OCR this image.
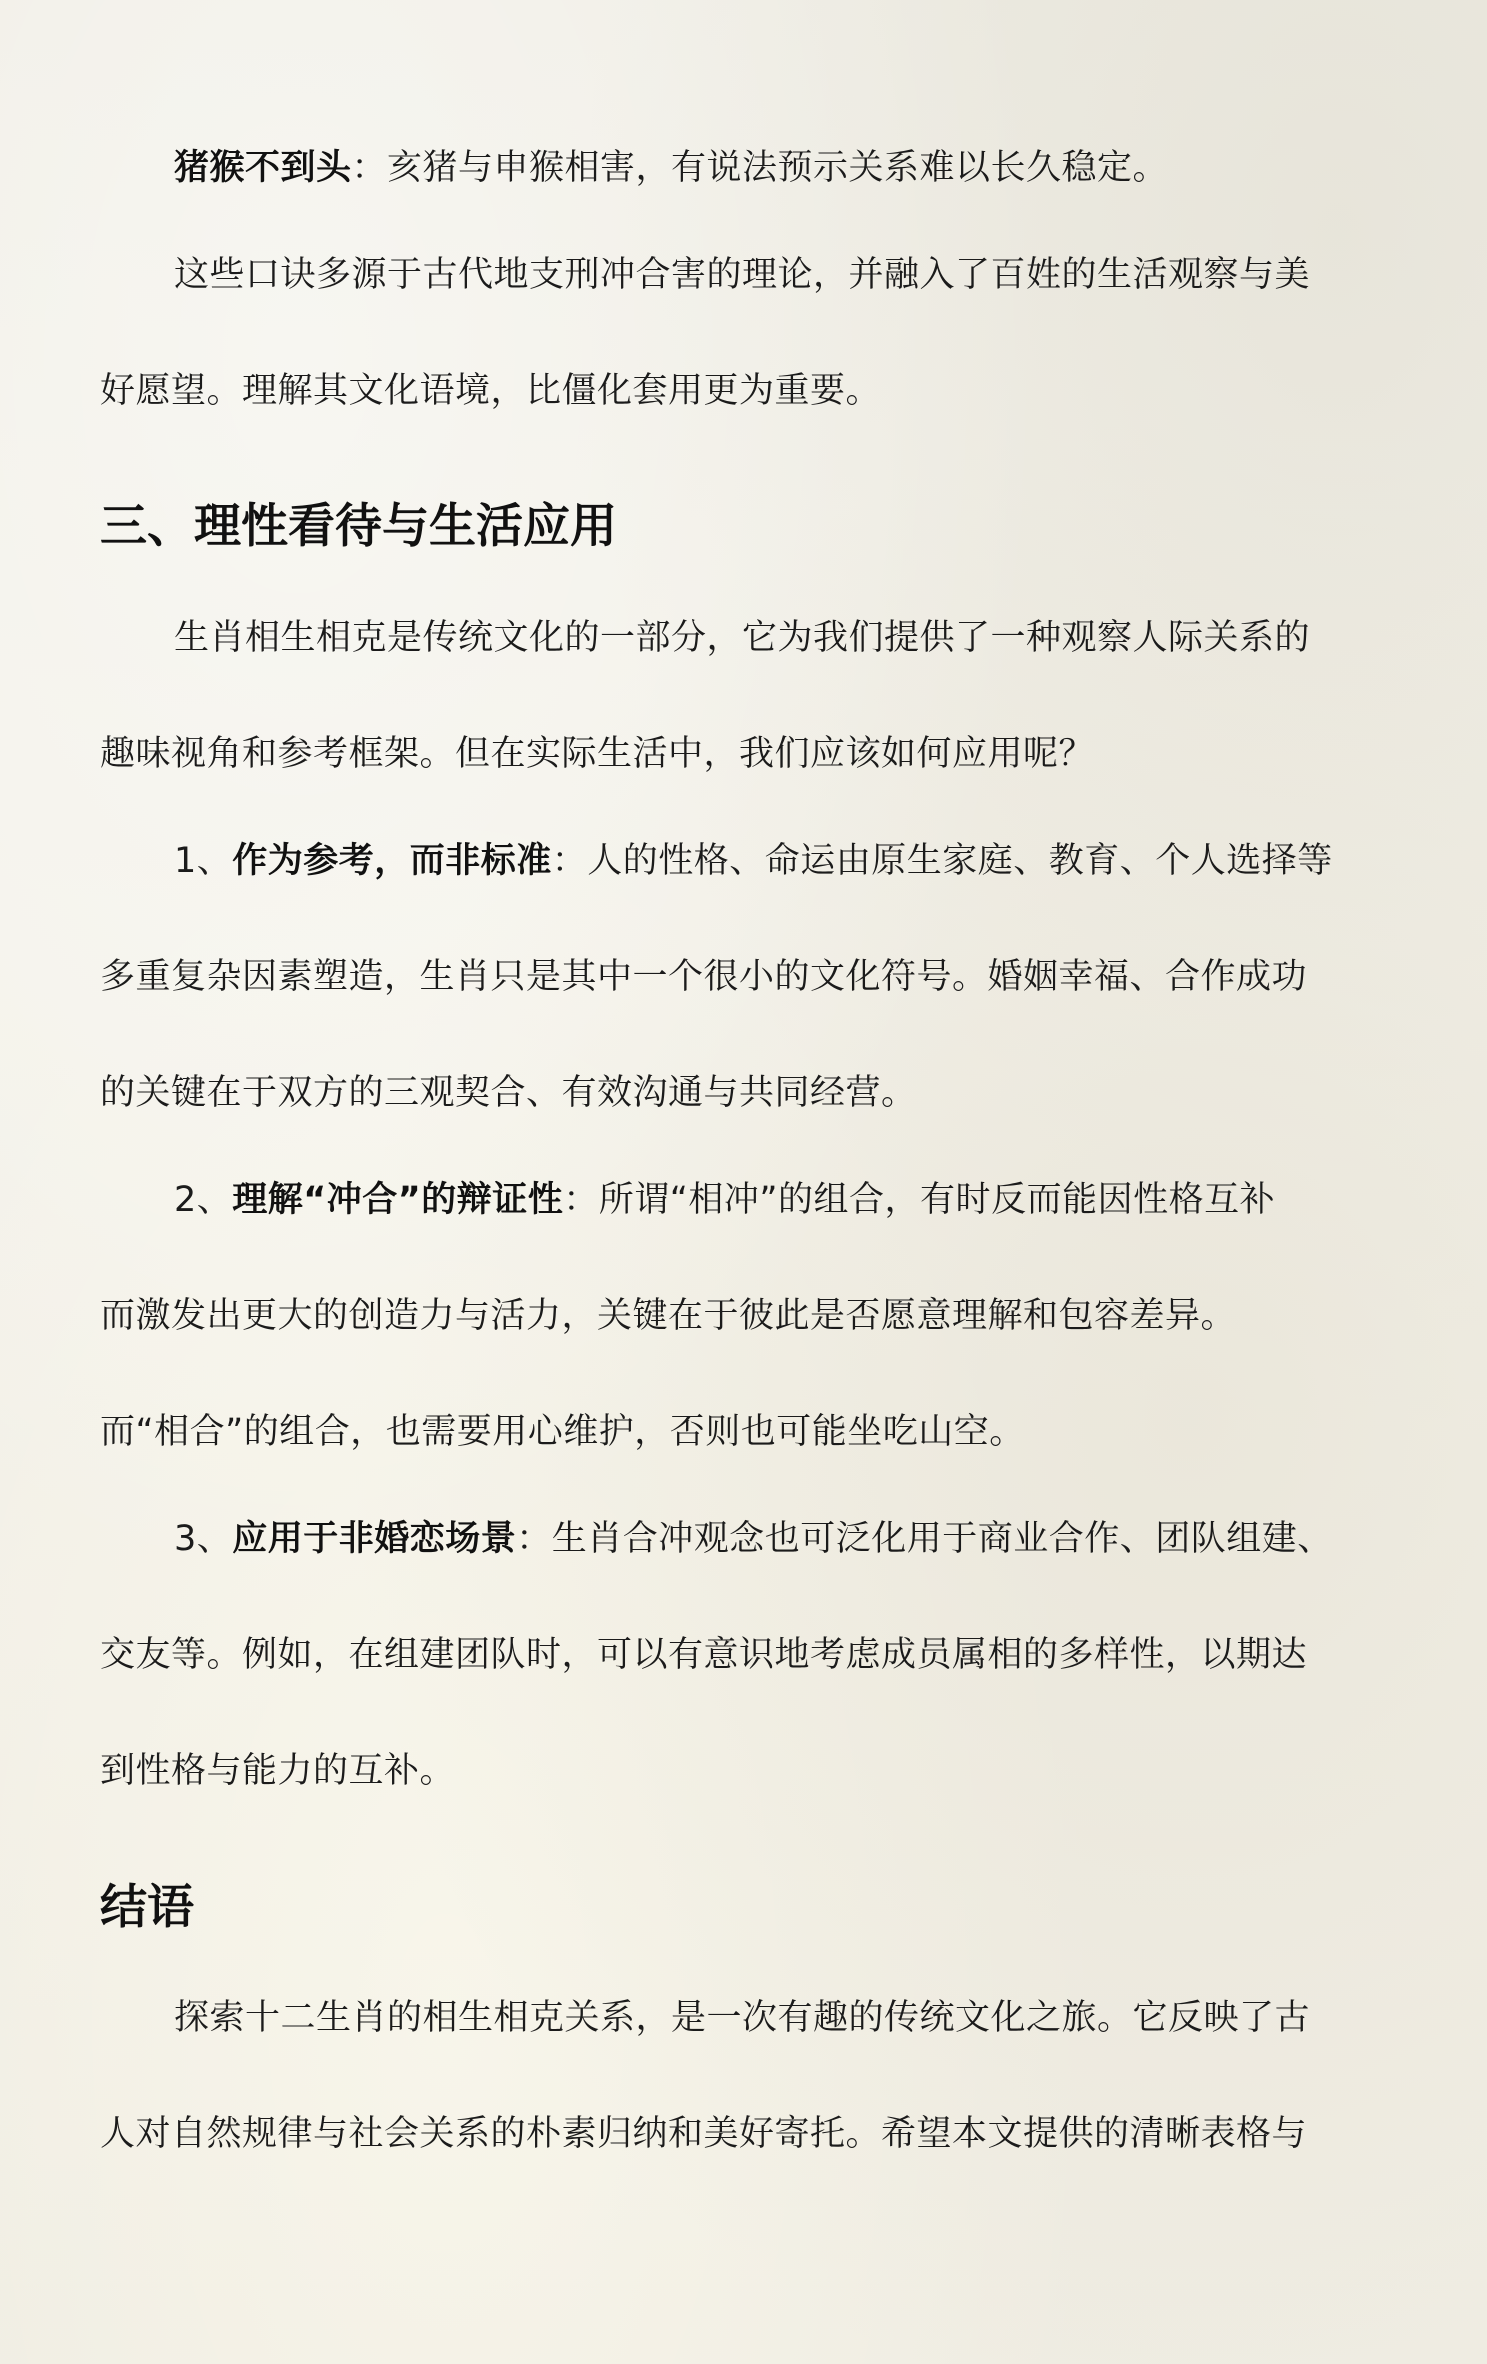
猪猴不到头：亥猪与申猴相害，有说法预示关系难以长久稳定。
这些口诀多源于古代地支刑冲合害的理论，并融入了百姓的生活观察与美
好愿望。理解其文化语境，比僵化套用更为重要。
三、理性看待与生活应用
生肖相生相克是传统文化的一部分，它为我们提供了一种观察人际关系的
趣味视角和参考框架。但在实际生活中，我们应该如何应用呢？
1、作为参考，而非标准：人的性格、命运由原生家庭、教育、个人选择等
多重复杂因素塑造，生肖只是其中一个很小的文化符号。婚姻幸福、合作成功
的关键在于双方的三观契合、有效沟通与共同经营。
2、理解“冲合”的辩证性：所谓“相冲”的组合，有时反而能因性格互补
而激发出更大的创造力与活力，关键在于彼此是否愿意理解和包容差异。
而“相合”的组合，也需要用心维护，否则也可能坐吃山空。
3、应用于非婚恋场景：生肖合冲观念也可泛化用于商业合作、团队组建、
交友等。例如，在组建团队时，可以有意识地考虑成员属相的多样性，以期达
到性格与能力的互补。
结语
探索十二生肖的相生相克关系，是一次有趣的传统文化之旅。它反映了古
人对自然规律与社会关系的朴素归纳和美好寄托。希望本文提供的清晰表格与
